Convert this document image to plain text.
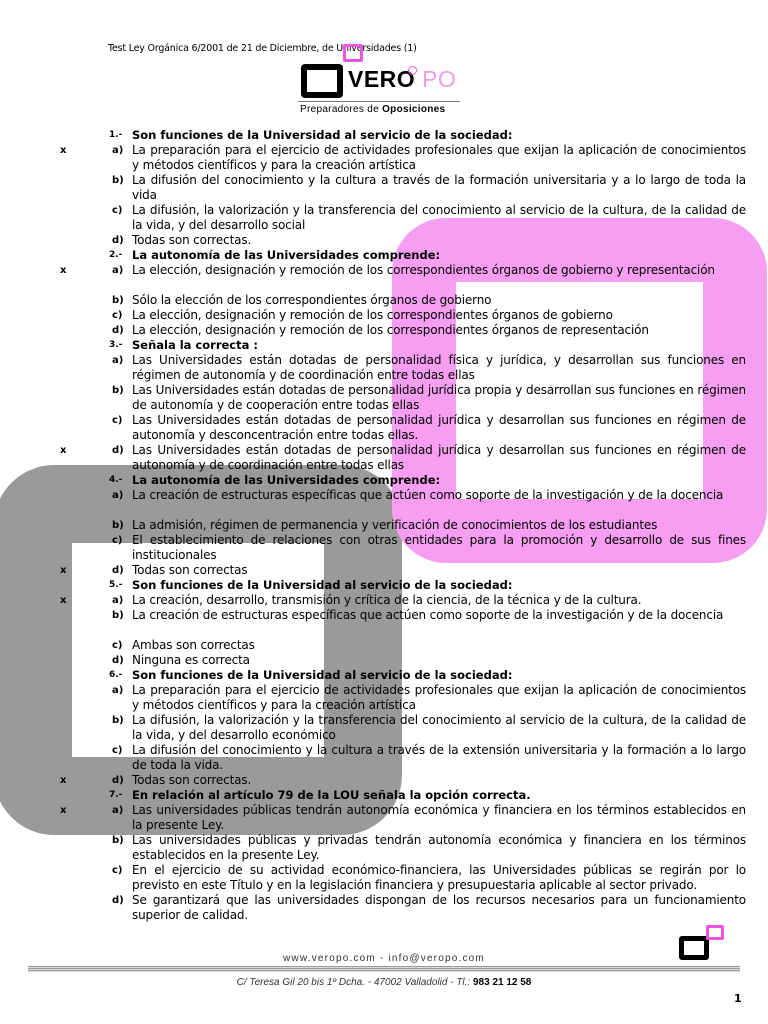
Test Ley Orgánica 6/2001 de 21 de Diciembre, de Universidades (1)
VERO PO
Preparadores de Oposiciones
1.- Son funciones de la Universidad al servicio de la sociedad:
x	a) La preparación para el ejercicio de actividades profesionales que exijan la aplicación de conocimientos y métodos científicos y para la creación artística
b) La difusión del conocimiento y la cultura a través de la formación universitaria y a lo largo de toda la vida
c) La difusión, la valorización y la transferencia del conocimiento al servicio de la cultura, de la calidad de la vida, y del desarrollo social
d) Todas son correctas.
2.- La autonomía de las Universidades comprende:
x	a) La elección, designación y remoción de los correspondientes órganos de gobierno y representación
b) Sólo la elección de los correspondientes órganos de gobierno
c) La elección, designación y remoción de los correspondientes órganos de gobierno
d) La elección, designación y remoción de los correspondientes órganos de representación
3.- Señala la correcta :
a) Las Universidades están dotadas de personalidad física y jurídica, y desarrollan sus funciones en régimen de autonomía y de coordinación entre todas ellas
b) Las Universidades están dotadas de personalidad jurídica propia y desarrollan sus funciones en régimen de autonomía y de cooperación entre todas ellas
c) Las Universidades están dotadas de personalidad jurídica y desarrollan sus funciones en régimen de autonomía y desconcentración entre todas ellas.
x	d) Las Universidades están dotadas de personalidad jurídica y desarrollan sus funciones en régimen de autonomía y de coordinación entre todas ellas
4.- La autonomía de las Universidades comprende:
a) La creación de estructuras específicas que actúen como soporte de la investigación y de la docencia
b) La admisión, régimen de permanencia y verificación de conocimientos de los estudiantes
c) El establecimiento de relaciones con otras entidades para la promoción y desarrollo de sus fines institucionales
x	d) Todas son correctas
5.- Son funciones de la Universidad al servicio de la sociedad:
x	a) La creación, desarrollo, transmisión y crítica de la ciencia, de la técnica y de la cultura.
b) La creación de estructuras específicas que actúen como soporte de la investigación y de la docencia
c) Ambas son correctas
d) Ninguna es correcta
6.- Son funciones de la Universidad al servicio de la sociedad:
a) La preparación para el ejercicio de actividades profesionales que exijan la aplicación de conocimientos y métodos científicos y para la creación artística
b) La difusión, la valorización y la transferencia del conocimiento al servicio de la cultura, de la calidad de la vida, y del desarrollo económico
c) La difusión del conocimiento y la cultura a través de la extensión universitaria y la formación a lo largo de toda la vida.
x	d) Todas son correctas.
7.- En relación al artículo 79 de la LOU señala la opción correcta.
x	a) Las universidades públicas tendrán autonomía económica y financiera en los términos establecidos en la presente Ley.
b) Las universidades públicas y privadas tendrán autonomía económica y financiera en los términos establecidos en la presente Ley.
c) En el ejercicio de su actividad económico-financiera, las Universidades públicas se regirán por lo previsto en este Título y en la legislación financiera y presupuestaria aplicable al sector privado.
d) Se garantizará que las universidades dispongan de los recursos necesarios para un funcionamiento superior de calidad.
www.veropo.com - info@veropo.com
C/ Teresa Gil 20 bis 1º Dcha. - 47002 Valladolid - Tl.: 983 21 12 58
1
